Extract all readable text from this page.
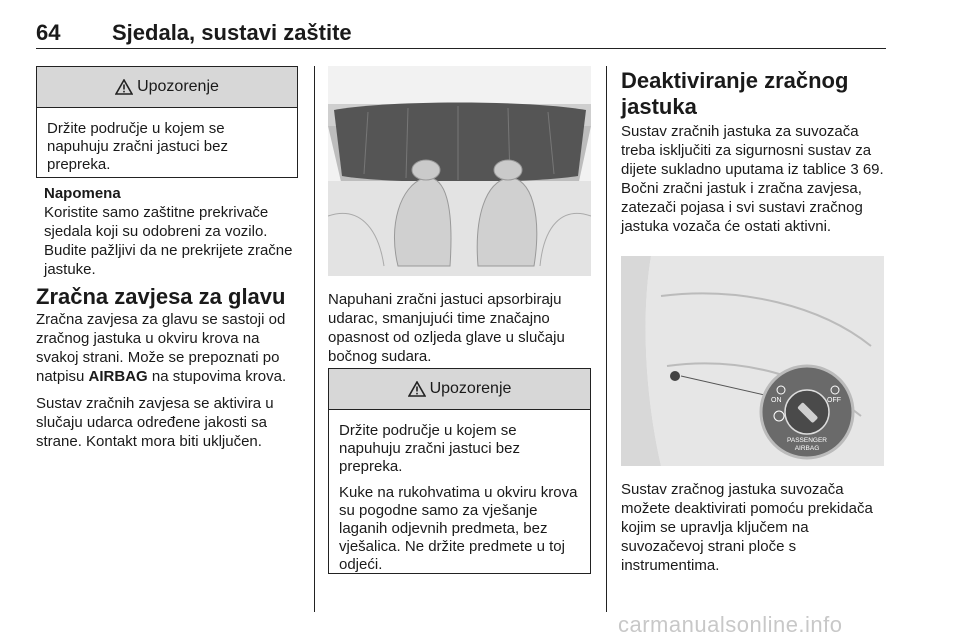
64 Sjedala, sustavi zaštite
Upozorenje

Držite područje u kojem se napuhuju zračni jastuci bez prepreka.

Napomena
Koristite samo zaštitne prekrivače sjedala koji su odobreni za vozilo. Budite pažljivi da ne prekrijete zračne jastuke.
Zračna zavjesa za glavu

Zračna zavjesa za glavu se sastoji od zračnog jastuka u okviru krova na svakoj strani. Može se prepoznati po natpisu AIRBAG na stupovima krova.

Sustav zračnih zavjesa se aktivira u slučaju udarca određene jakosti sa strane. Kontakt mora biti uključen.

Napuhani zračni jastuci apsorbiraju udarac, smanjujući time značajno opasnost od ozljeda glave u slučaju bočnog sudara.
Upozorenje

Držite područje u kojem se napuhuju zračni jastuci bez prepreka.

Kuke na rukohvatima u okviru krova su pogodne samo za vješanje laganih odjevnih predmeta, bez vješalica. Ne držite predmete u toj odjeći.

Deaktiviranje zračnog jastuka
Sustav zračnih jastuka za suvozača treba isključiti za sigurnosni sustav za dijete sukladno uputama iz tablice 3 69. Bočni zračni jastuk i zračna zavjesa, zatezači pojasa i svi sustavi zračnog jastuka vozača će ostati aktivni.
ON	OFF
PASSENGER
AIRBAG
Sustav zračnog jastuka suvozača možete deaktivirati pomoću prekidača kojim se upravlja ključem na suvozačevoj strani ploče s instrumentima.
carmanualsonline.info
